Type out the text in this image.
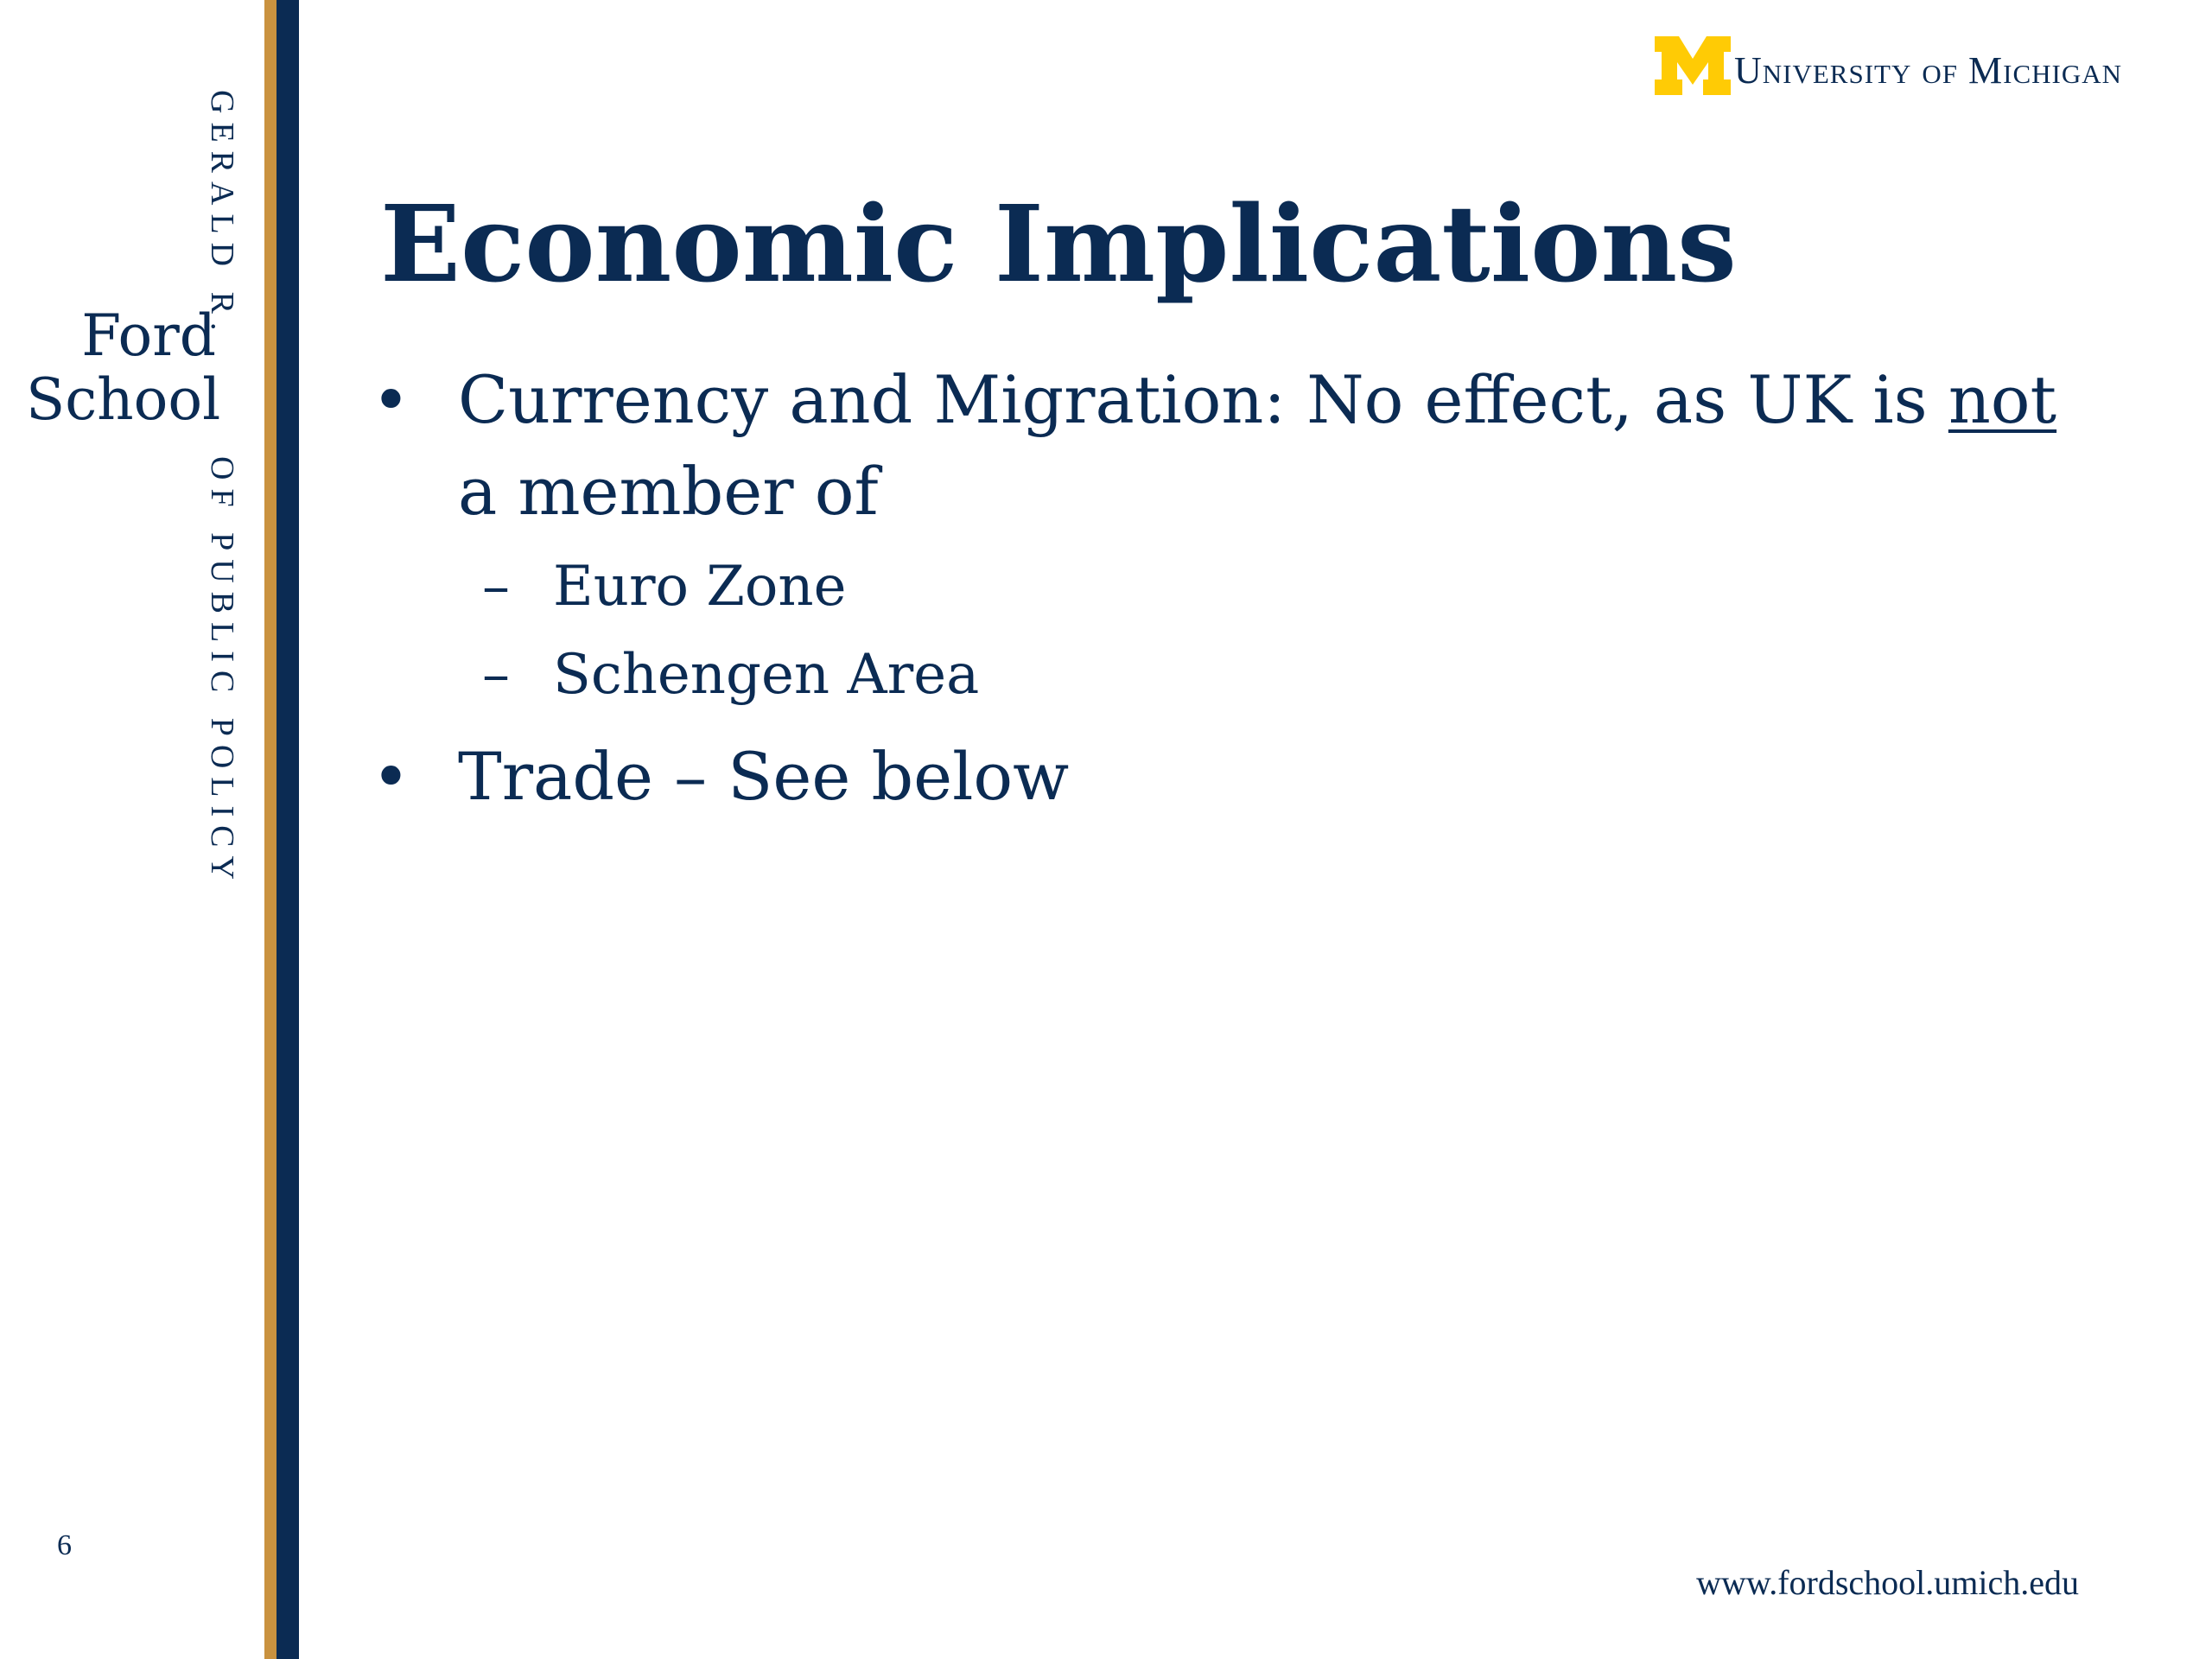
GERALD R.
Ford
School
OF PUBLIC POLICY
6
University of Michigan
Economic Implications
• Currency and Migration: No effect, as UK is not a member of
– Euro Zone
– Schengen Area
• Trade – See below
www.fordschool.umich.edu
